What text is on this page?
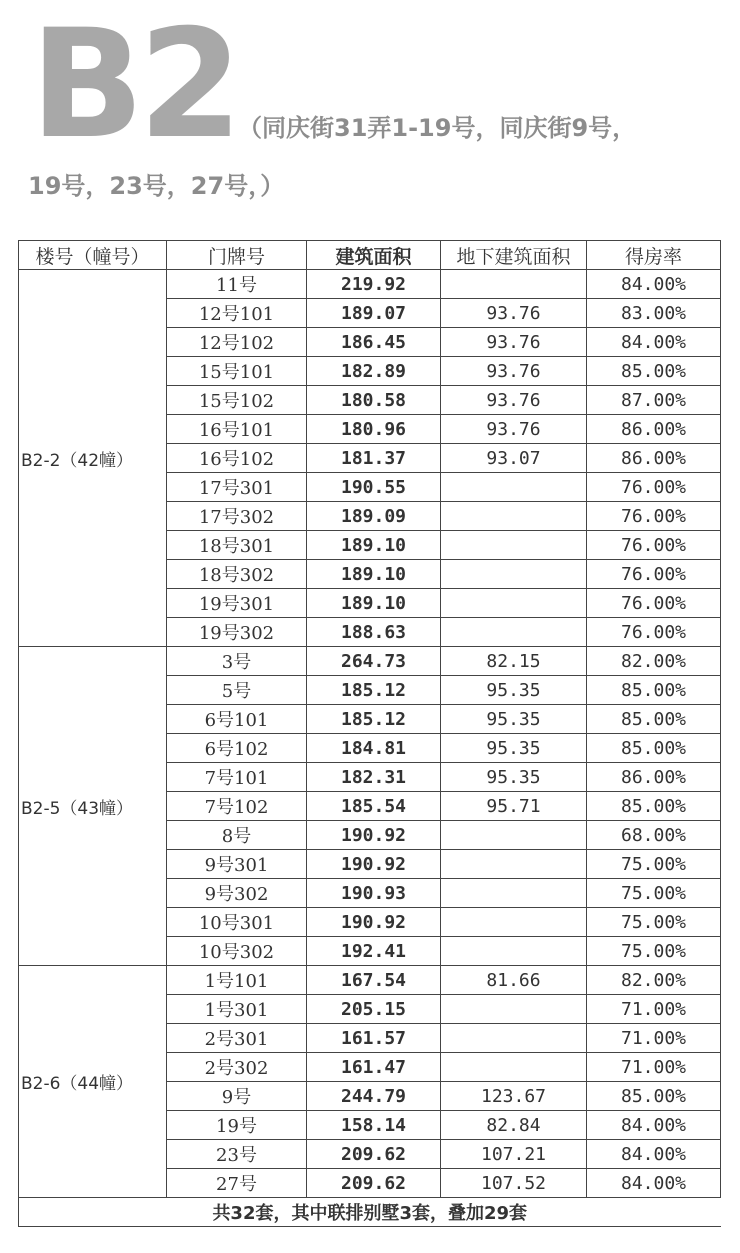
B2 （同庆街31弄1-19号，同庆街9号，
19号，23号，27号，）
楼号（幢号）	门牌号	建筑面积	地下建筑面积	得房率
B2-2（42幢）	11号	219.92		84.00%
	12号101	189.07	93.76	83.00%
	12号102	186.45	93.76	84.00%
	15号101	182.89	93.76	85.00%
	15号102	180.58	93.76	87.00%
	16号101	180.96	93.76	86.00%
	16号102	181.37	93.07	86.00%
	17号301	190.55		76.00%
	17号302	189.09		76.00%
	18号301	189.10		76.00%
	18号302	189.10		76.00%
	19号301	189.10		76.00%
	19号302	188.63		76.00%
B2-5（43幢）	3号	264.73	82.15	82.00%
	5号	185.12	95.35	85.00%
	6号101	185.12	95.35	85.00%
	6号102	184.81	95.35	85.00%
	7号101	182.31	95.35	86.00%
	7号102	185.54	95.71	85.00%
	8号	190.92		68.00%
	9号301	190.92		75.00%
	9号302	190.93		75.00%
	10号301	190.92		75.00%
	10号302	192.41		75.00%
B2-6（44幢）	1号101	167.54	81.66	82.00%
	1号301	205.15		71.00%
	2号301	161.57		71.00%
	2号302	161.47		71.00%
	9号	244.79	123.67	85.00%
	19号	158.14	82.84	84.00%
	23号	209.62	107.21	84.00%
	27号	209.62	107.52	84.00%
共32套，其中联排别墅3套，叠加29套				
